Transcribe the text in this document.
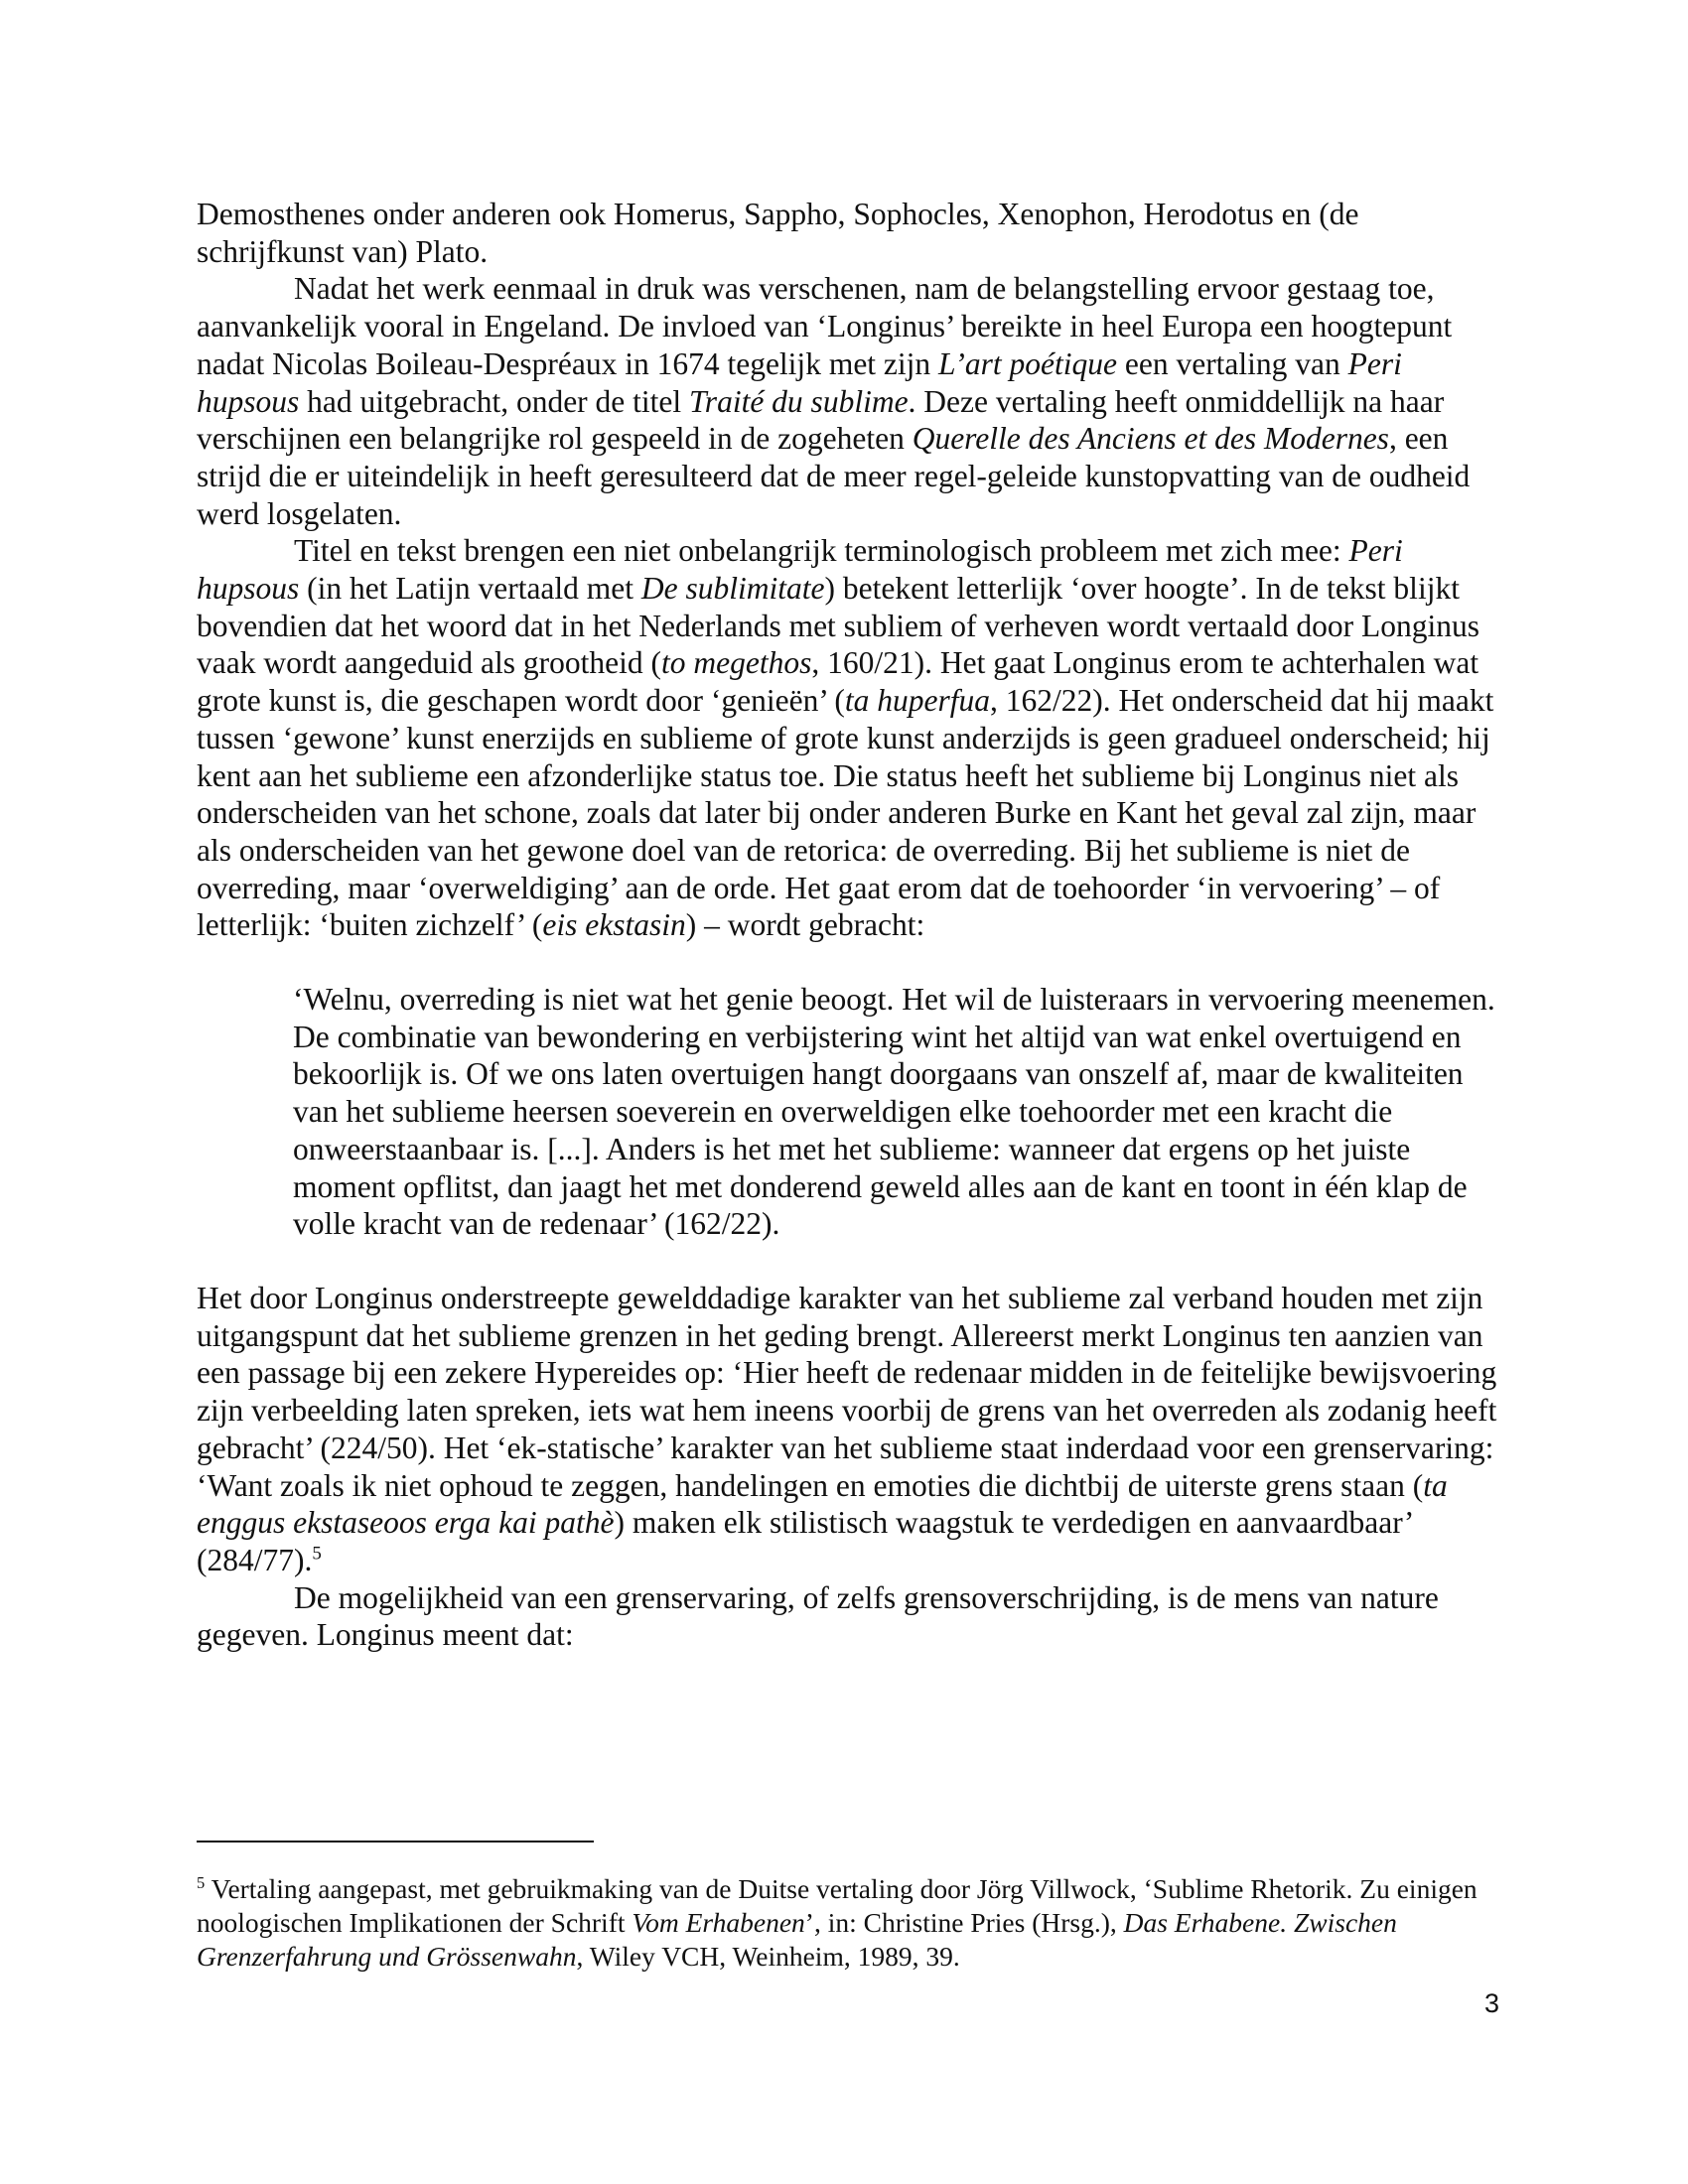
Demosthenes onder anderen ook Homerus, Sappho, Sophocles, Xenophon, Herodotus en (de schrijfkunst van) Plato.

Nadat het werk eenmaal in druk was verschenen, nam de belangstelling ervoor gestaag toe, aanvankelijk vooral in Engeland. De invloed van ‘Longinus’ bereikte in heel Europa een hoogtepunt nadat Nicolas Boileau-Despréaux in 1674 tegelijk met zijn L’art poétique een vertaling van Peri hupsous had uitgebracht, onder de titel Traité du sublime. Deze vertaling heeft onmiddellijk na haar verschijnen een belangrijke rol gespeeld in de zogeheten Querelle des Anciens et des Modernes, een strijd die er uiteindelijk in heeft geresulteerd dat de meer regel-geleide kunstopvatting van de oudheid werd losgelaten.

Titel en tekst brengen een niet onbelangrijk terminologisch probleem met zich mee: Peri hupsous (in het Latijn vertaald met De sublimitate) betekent letterlijk ‘over hoogte’. In de tekst blijkt bovendien dat het woord dat in het Nederlands met subliem of verheven wordt vertaald door Longinus vaak wordt aangeduid als grootheid (to megethos, 160/21). Het gaat Longinus erom te achterhalen wat grote kunst is, die geschapen wordt door ‘genieën’ (ta huperfua, 162/22). Het onderscheid dat hij maakt tussen ‘gewone’ kunst enerzijds en sublieme of grote kunst anderzijds is geen gradueel onderscheid; hij kent aan het sublieme een afzonderlijke status toe. Die status heeft het sublieme bij Longinus niet als onderscheiden van het schone, zoals dat later bij onder anderen Burke en Kant het geval zal zijn, maar als onderscheiden van het gewone doel van de retorica: de overreding. Bij het sublieme is niet de overreding, maar ‘overweldiging’ aan de orde. Het gaat erom dat de toehoorder ‘in vervoering’ – of letterlijk: ‘buiten zichzelf’ (eis ekstasin) – wordt gebracht:

‘Welnu, overreding is niet wat het genie beoogt. Het wil de luisteraars in vervoering meenemen. De combinatie van bewondering en verbijstering wint het altijd van wat enkel overtuigend en bekoorlijk is. Of we ons laten overtuigen hangt doorgaans van onszelf af, maar de kwaliteiten van het sublieme heersen soeverein en overweldigen elke toehoorder met een kracht die onweerstaanbaar is. [...]. Anders is het met het sublieme: wanneer dat ergens op het juiste moment opflitst, dan jaagt het met donderend geweld alles aan de kant en toont in één klap de volle kracht van de redenaar’ (162/22).

Het door Longinus onderstreepte gewelddadige karakter van het sublieme zal verband houden met zijn uitgangspunt dat het sublieme grenzen in het geding brengt. Allereerst merkt Longinus ten aanzien van een passage bij een zekere Hypereides op: ‘Hier heeft de redenaar midden in de feitelijke bewijsvoering zijn verbeelding laten spreken, iets wat hem ineens voorbij de grens van het overreden als zodanig heeft gebracht’ (224/50). Het ‘ek-statische’ karakter van het sublieme staat inderdaad voor een grenservaring: ‘Want zoals ik niet ophoud te zeggen, handelingen en emoties die dichtbij de uiterste grens staan (ta enggus ekstaseoos erga kai pathè) maken elk stilistisch waagstuk te verdedigen en aanvaardbaar’ (284/77).$^5$

De mogelijkheid van een grenservaring, of zelfs grensoverschrijding, is de mens van nature gegeven. Longinus meent dat:

$^5$ Vertaling aangepast, met gebruikmaking van de Duitse vertaling door Jörg Villwock, ‘Sublime Rhetorik. Zu einigen noologischen Implikationen der Schrift Vom Erhabenen’, in: Christine Pries (Hrsg.), Das Erhabene. Zwischen Grenzerfahrung und Grössenwahn, Wiley VCH, Weinheim, 1989, 39.

3
